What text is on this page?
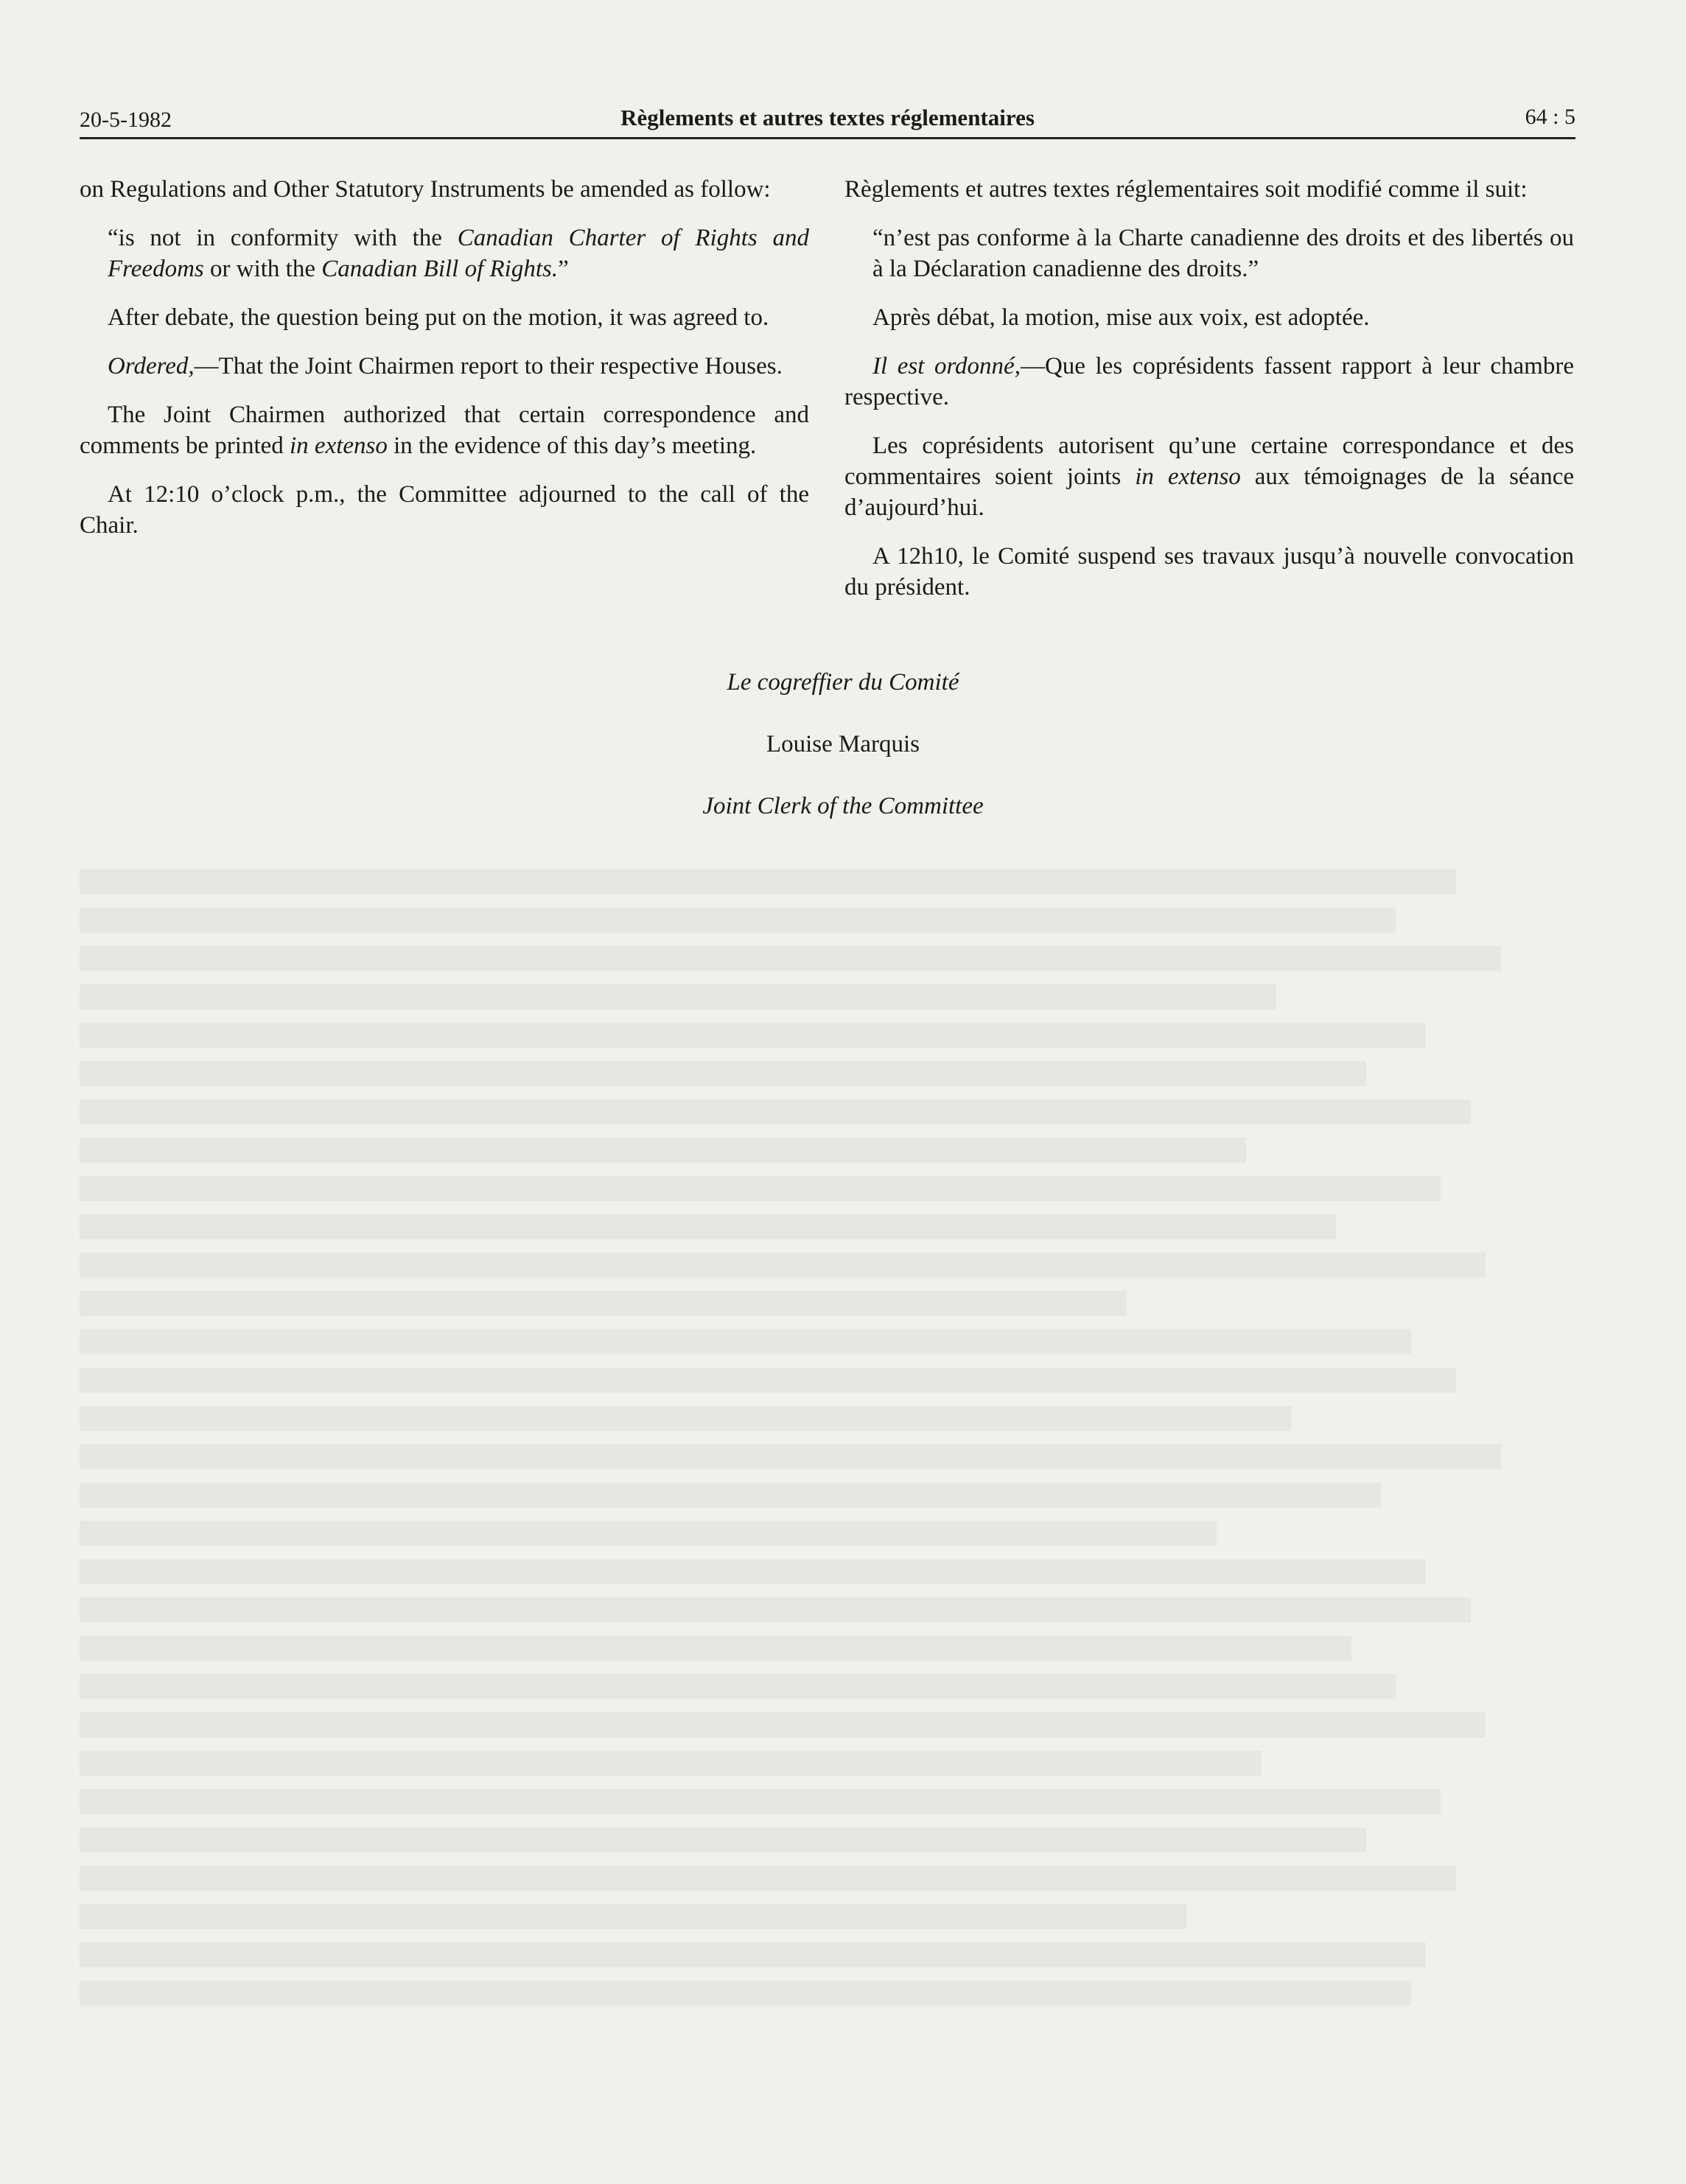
20-5-1982	Règlements et autres textes réglementaires	64 : 5

on Regulations and Other Statutory Instruments be amended as follow:

“is not in conformity with the Canadian Charter of Rights and Freedoms or with the Canadian Bill of Rights.”

After debate, the question being put on the motion, it was agreed to.

Ordered,—That the Joint Chairmen report to their respective Houses.

The Joint Chairmen authorized that certain correspondence and comments be printed in extenso in the evidence of this day’s meeting.

At 12:10 o’clock p.m., the Committee adjourned to the call of the Chair.

Règlements et autres textes réglementaires soit modifié comme il suit:

“n’est pas conforme à la Charte canadienne des droits et des libertés ou à la Déclaration canadienne des droits.”

Après débat, la motion, mise aux voix, est adoptée.

Il est ordonné,—Que les coprésidents fassent rapport à leur chambre respective.

Les coprésidents autorisent qu’une certaine correspondance et des commentaires soient joints in extenso aux témoignages de la séance d’aujourd’hui.

A 12h10, le Comité suspend ses travaux jusqu’à nouvelle convocation du président.

Le cogreffier du Comité
Louise Marquis
Joint Clerk of the Committee
